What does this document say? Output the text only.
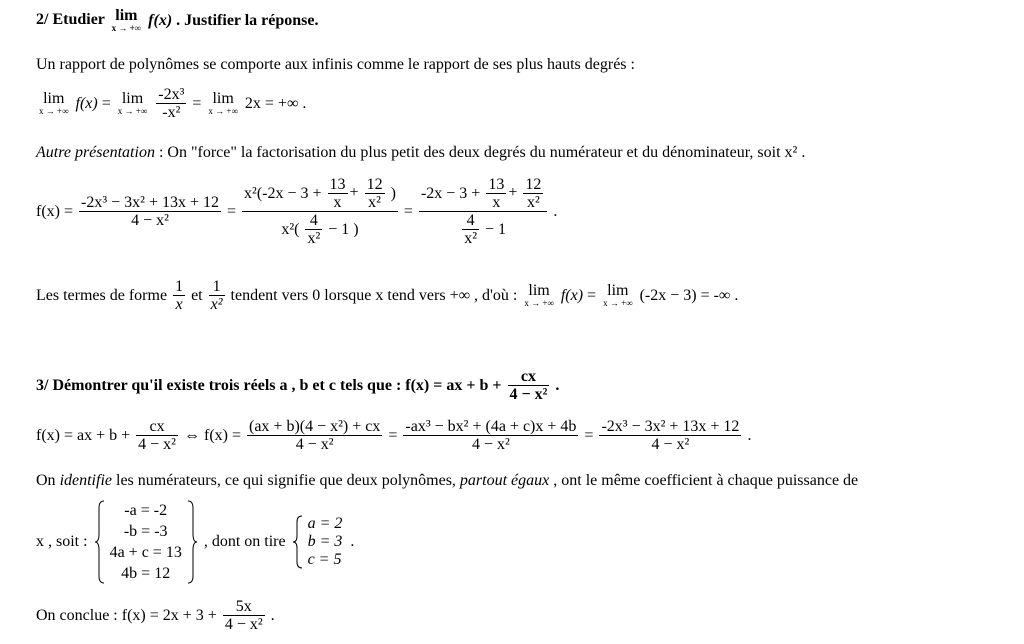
2/ Etudier lim
x → +∞ f(x) . Justifier la réponse.
Un rapport de polynômes se comporte aux infinis comme le rapport de ses plus hauts degrés :
lim
x → +∞ f(x) = lim
x → +∞
$\frac{\text{-2x³}}{\text{-x²}} = \lim$
x → +∞ 2x = +∞ .
Autre présentation : On "force" la factorisation du plus petit des deux degrés du numérateur et du dénominateur, soit x² .
$f(x) = \frac{\text{-2x³ − 3x² + 13x + 12}}{\text{4 − x²}} = \frac{x^2(-2x - 3 + \frac{13}{x} + \frac{12}{\text{x²}} )}{x^2( \frac{4}{\text{x²}} - 1 )} = \frac{-2x - 3 + \frac{13}{x} + \frac{12}{\text{x²}}}{\frac{4}{\text{x²}} - 1}$ .
Les termes de forme $\frac{1}{x}$ et $\frac{1}{\text{x²}}$ tendent vers 0 lorsque x tend vers +∞ , d'où : lim
x → +∞ f(x) = lim
x → +∞ (-2x − 3) = -∞ .
3/ Démontrer qu'il existe trois réels a , b et c tels que : f(x) = ax + $b + \frac{cx}{\text{4 − x²}}$ .
f(x) = ax + $b + \frac{cx}{\text{4 − x²}}$ ⇔ $f(x) = \frac{\text{(ax + b)(4 − x²) + cx}}{\text{4 − x²}} = \frac{\text{-ax³ − bx² + (4a + c)x + 4b}}{\text{4 − x²}} = \frac{\text{-2x³ − 3x² + 13x + 12}}{\text{4 − x²}}$ .
On identifie les numérateurs, ce qui signifie que deux polynômes, partout égaux , ont le même coefficient à chaque puissance de
x , soit :
-a = -2
-b = -3
4a + c = 13
4b = 12
, dont on tire
a = 2
b = 3
c = 5
.
On conclue : $f(x) = 2x + 3 + \frac{5x}{\text{4 − x²}}$ .
